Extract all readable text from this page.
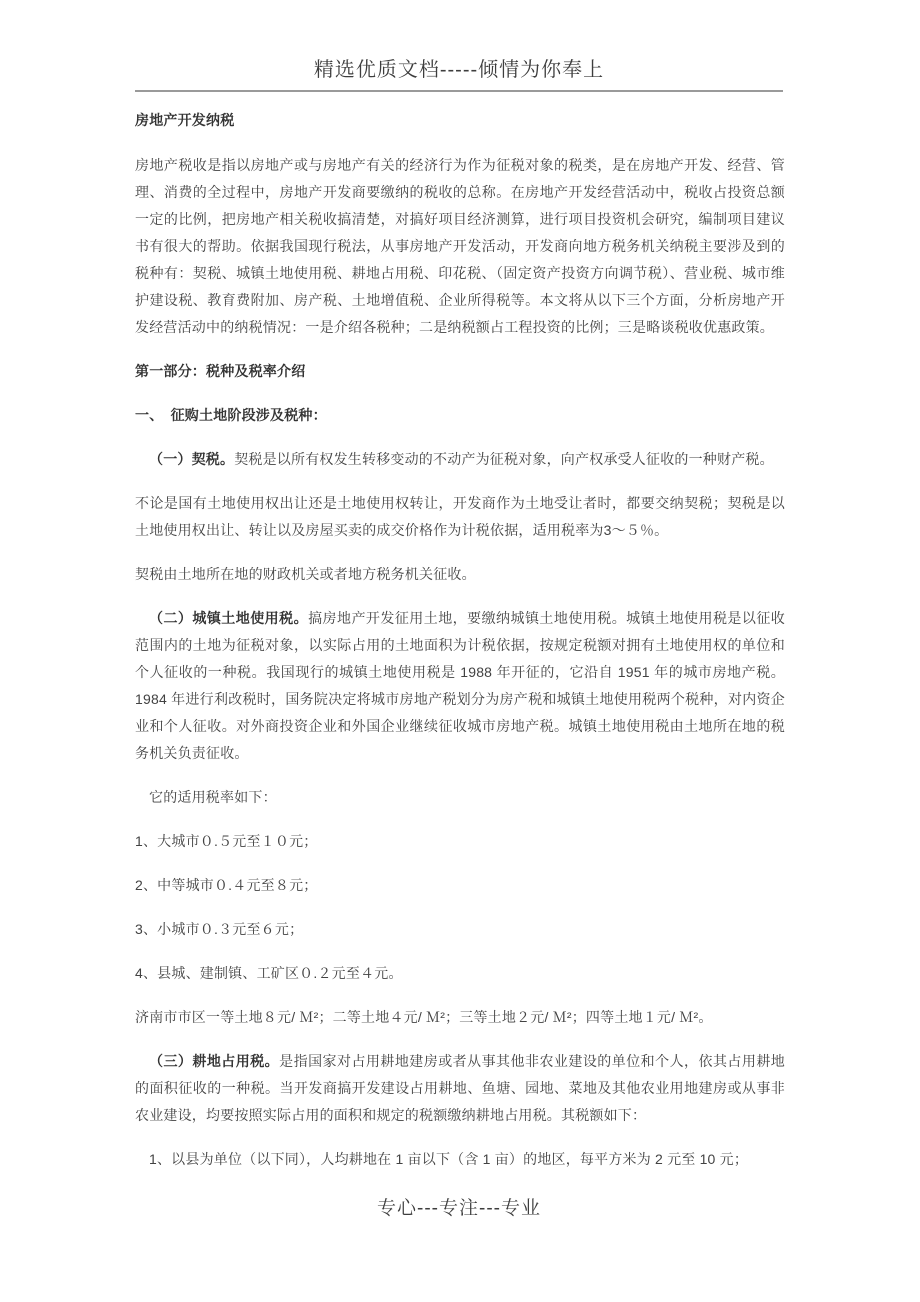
精选优质文档-----倾情为你奉上

房地产开发纳税

房地产税收是指以房地产或与房地产有关的经济行为作为征税对象的税类，是在房地产开发、经营、管理、消费的全过程中，房地产开发商要缴纳的税收的总称。在房地产开发经营活动中，税收占投资总额一定的比例，把房地产相关税收搞清楚，对搞好项目经济测算，进行项目投资机会研究，编制项目建议书有很大的帮助。依据我国现行税法，从事房地产开发活动，开发商向地方税务机关纳税主要涉及到的税种有：契税、城镇土地使用税、耕地占用税、印花税、（固定资产投资方向调节税）、营业税、城市维护建设税、教育费附加、房产税、土地增值税、企业所得税等。本文将从以下三个方面，分析房地产开发经营活动中的纳税情况：一是介绍各税种；二是纳税额占工程投资的比例；三是略谈税收优惠政策。

第一部分：税种及税率介绍

一、　征购土地阶段涉及税种：

（一）契税。契税是以所有权发生转移变动的不动产为征税对象，向产权承受人征收的一种财产税。

不论是国有土地使用权出让还是土地使用权转让，开发商作为土地受让者时，都要交纳契税；契税是以土地使用权出让、转让以及房屋买卖的成交价格作为计税依据，适用税率为3～５％。

契税由土地所在地的财政机关或者地方税务机关征收。

（二）城镇土地使用税。搞房地产开发征用土地，要缴纳城镇土地使用税。城镇土地使用税是以征收范围内的土地为征税对象，以实际占用的土地面积为计税依据，按规定税额对拥有土地使用权的单位和个人征收的一种税。我国现行的城镇土地使用税是 1988 年开征的，它沿自 1951 年的城市房地产税。1984 年进行利改税时，国务院决定将城市房地产税划分为房产税和城镇土地使用税两个税种，对内资企业和个人征收。对外商投资企业和外国企业继续征收城市房地产税。城镇土地使用税由土地所在地的税务机关负责征收。

它的适用税率如下：

1、大城市０.５元至１０元；

2、中等城市０.４元至８元；

3、小城市０.３元至６元；

4、县城、建制镇、工矿区０.２元至４元。

济南市市区一等土地８元/ Ｍ²；二等土地４元/ Ｍ²；三等土地２元/ Ｍ²；四等土地１元/ Ｍ²。

（三）耕地占用税。是指国家对占用耕地建房或者从事其他非农业建设的单位和个人，依其占用耕地的面积征收的一种税。当开发商搞开发建设占用耕地、鱼塘、园地、菜地及其他农业用地建房或从事非农业建设，均要按照实际占用的面积和规定的税额缴纳耕地占用税。其税额如下：

1、以县为单位（以下同），人均耕地在 1 亩以下（含 1 亩）的地区，每平方米为 2 元至 10 元；

专心---专注---专业
